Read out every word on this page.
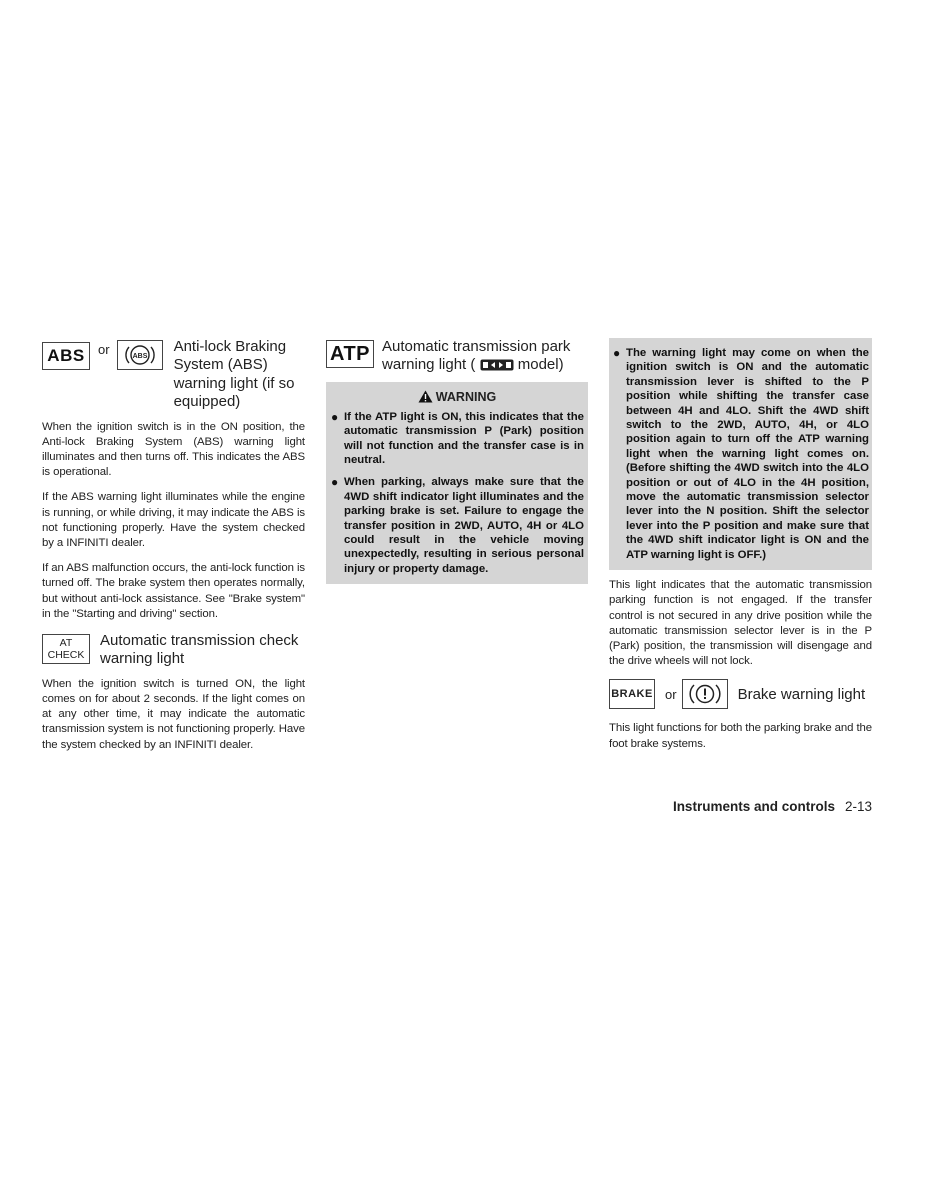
ABS	or	ABS
Anti-lock Braking System (ABS) warning light (if so equipped)

When the ignition switch is in the ON position, the Anti-lock Braking System (ABS) warning light illuminates and then turns off. This indicates the ABS is operational.

If the ABS warning light illuminates while the engine is running, or while driving, it may indicate the ABS is not functioning properly. Have the system checked by a INFINITI dealer.

If an ABS malfunction occurs, the anti-lock function is turned off. The brake system then operates normally, but without anti-lock assistance. See "Brake system" in the "Starting and driving" section.

AT
CHECK
Automatic transmission check warning light

When the ignition switch is turned ON, the light comes on for about 2 seconds. If the light comes on at any other time, it may indicate the automatic transmission system is not functioning properly. Have the system checked by an INFINITI dealer.

ATP Automatic transmission park warning light (	model)
WARNING
● If the ATP light is ON, this indicates that the automatic transmission P (Park) position will not function and the transfer case is in neutral.
● When parking, always make sure that the 4WD shift indicator light illuminates and the parking brake is set. Failure to engage the transfer position in 2WD, AUTO, 4H or 4LO could result in the vehicle moving unexpectedly, resulting in serious personal injury or property damage.
● The warning light may come on when the ignition switch is ON and the automatic transmission lever is shifted to the P position while shifting the transfer case between 4H and 4LO. Shift the 4WD shift switch to the 2WD, AUTO, 4H, or 4LO position again to turn off the ATP warning light when the warning light comes on. (Before shifting the 4WD switch into the 4LO position or out of 4LO in the 4H position, move the automatic transmission selector lever into the N position. Shift the selector lever into the P position and make sure that the 4WD shift indicator light is ON and the ATP warning light is OFF.)

This light indicates that the automatic transmission parking function is not engaged. If the transfer control is not secured in any drive position while the automatic transmission selector lever is in the P (Park) position, the transmission will disengage and the drive wheels will not lock.

BRAKE or	Brake warning light

This light functions for both the parking brake and the foot brake systems.

Instruments and controls 2-13
